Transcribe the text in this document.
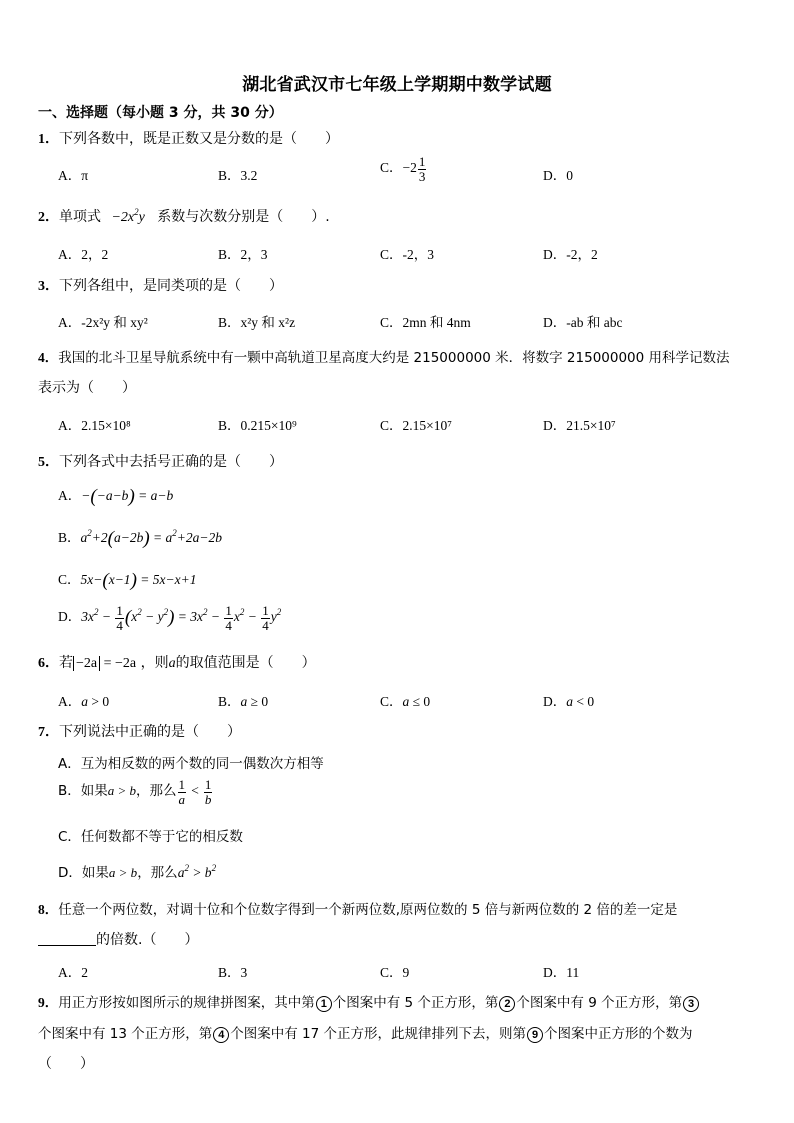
湖北省武汉市七年级上学期期中数学试题
一、选择题（每小题 3 分，共 30 分）
1．下列各数中，既是正数又是分数的是（　　）
A．π	B．3.2
C．$-2 \frac{1}{3}$	D．0
2．单项式 $-2x^2y$ 系数与次数分别是（　　）.
A．2，2	B．2，3	C．-2，3	D．-2，2
3．下列各组中，是同类项的是（　　）
A．-2x²y 和 xy²	B．x²y 和 x²z	C．2mn 和 4nm	D．-ab 和 abc
4．我国的北斗卫星导航系统中有一颗中高轨道卫星高度大约是 215000000 米．将数字 215000000 用科学记数法
表示为（　　）
A．2.15×10⁸	B．0.215×10⁹	C．2.15×10⁷	D．21.5×10⁷
5．下列各式中去括号正确的是（　　）
A．−(−a−b) = a−b
B．$a^2+2(a-2b) = a^2+2a-2b$
C．5x−(x−1) = 5x−x+1
D．$3x^2 - \frac{1}{4} (x^2 - y^2) = 3x^2 - \frac{1}{4} x^2 - \frac{1}{4} y^2$
6．若 −2a = −2a ，则a的取值范围是（　　）
A．a > 0	B．a ≥ 0	C．a ≤ 0	D．a < 0
7．下列说法中正确的是（　　）
A．互为相反数的两个数的同一偶数次方相等
B．如果a > b，那么 $\frac{1}{a} < \frac{1}{b}$
C．任何数都不等于它的相反数
D．如果a > b，那么$a^2 > b^2$
8．任意一个两位数，对调十位和个位数字得到一个新两位数,原两位数的 5 倍与新两位数的 2 倍的差一定是
的倍数.（　　）
A．2	B．3	C．9	D．11
9．用正方形按如图所示的规律拼图案，其中第 1 个图案中有 5 个正方形，第 2 个图案中有 9 个正方形，第 3
个图案中有 13 个正方形，第 4 个图案中有 17 个正方形，此规律排列下去，则第 9 个图案中正方形的个数为
（　　）
